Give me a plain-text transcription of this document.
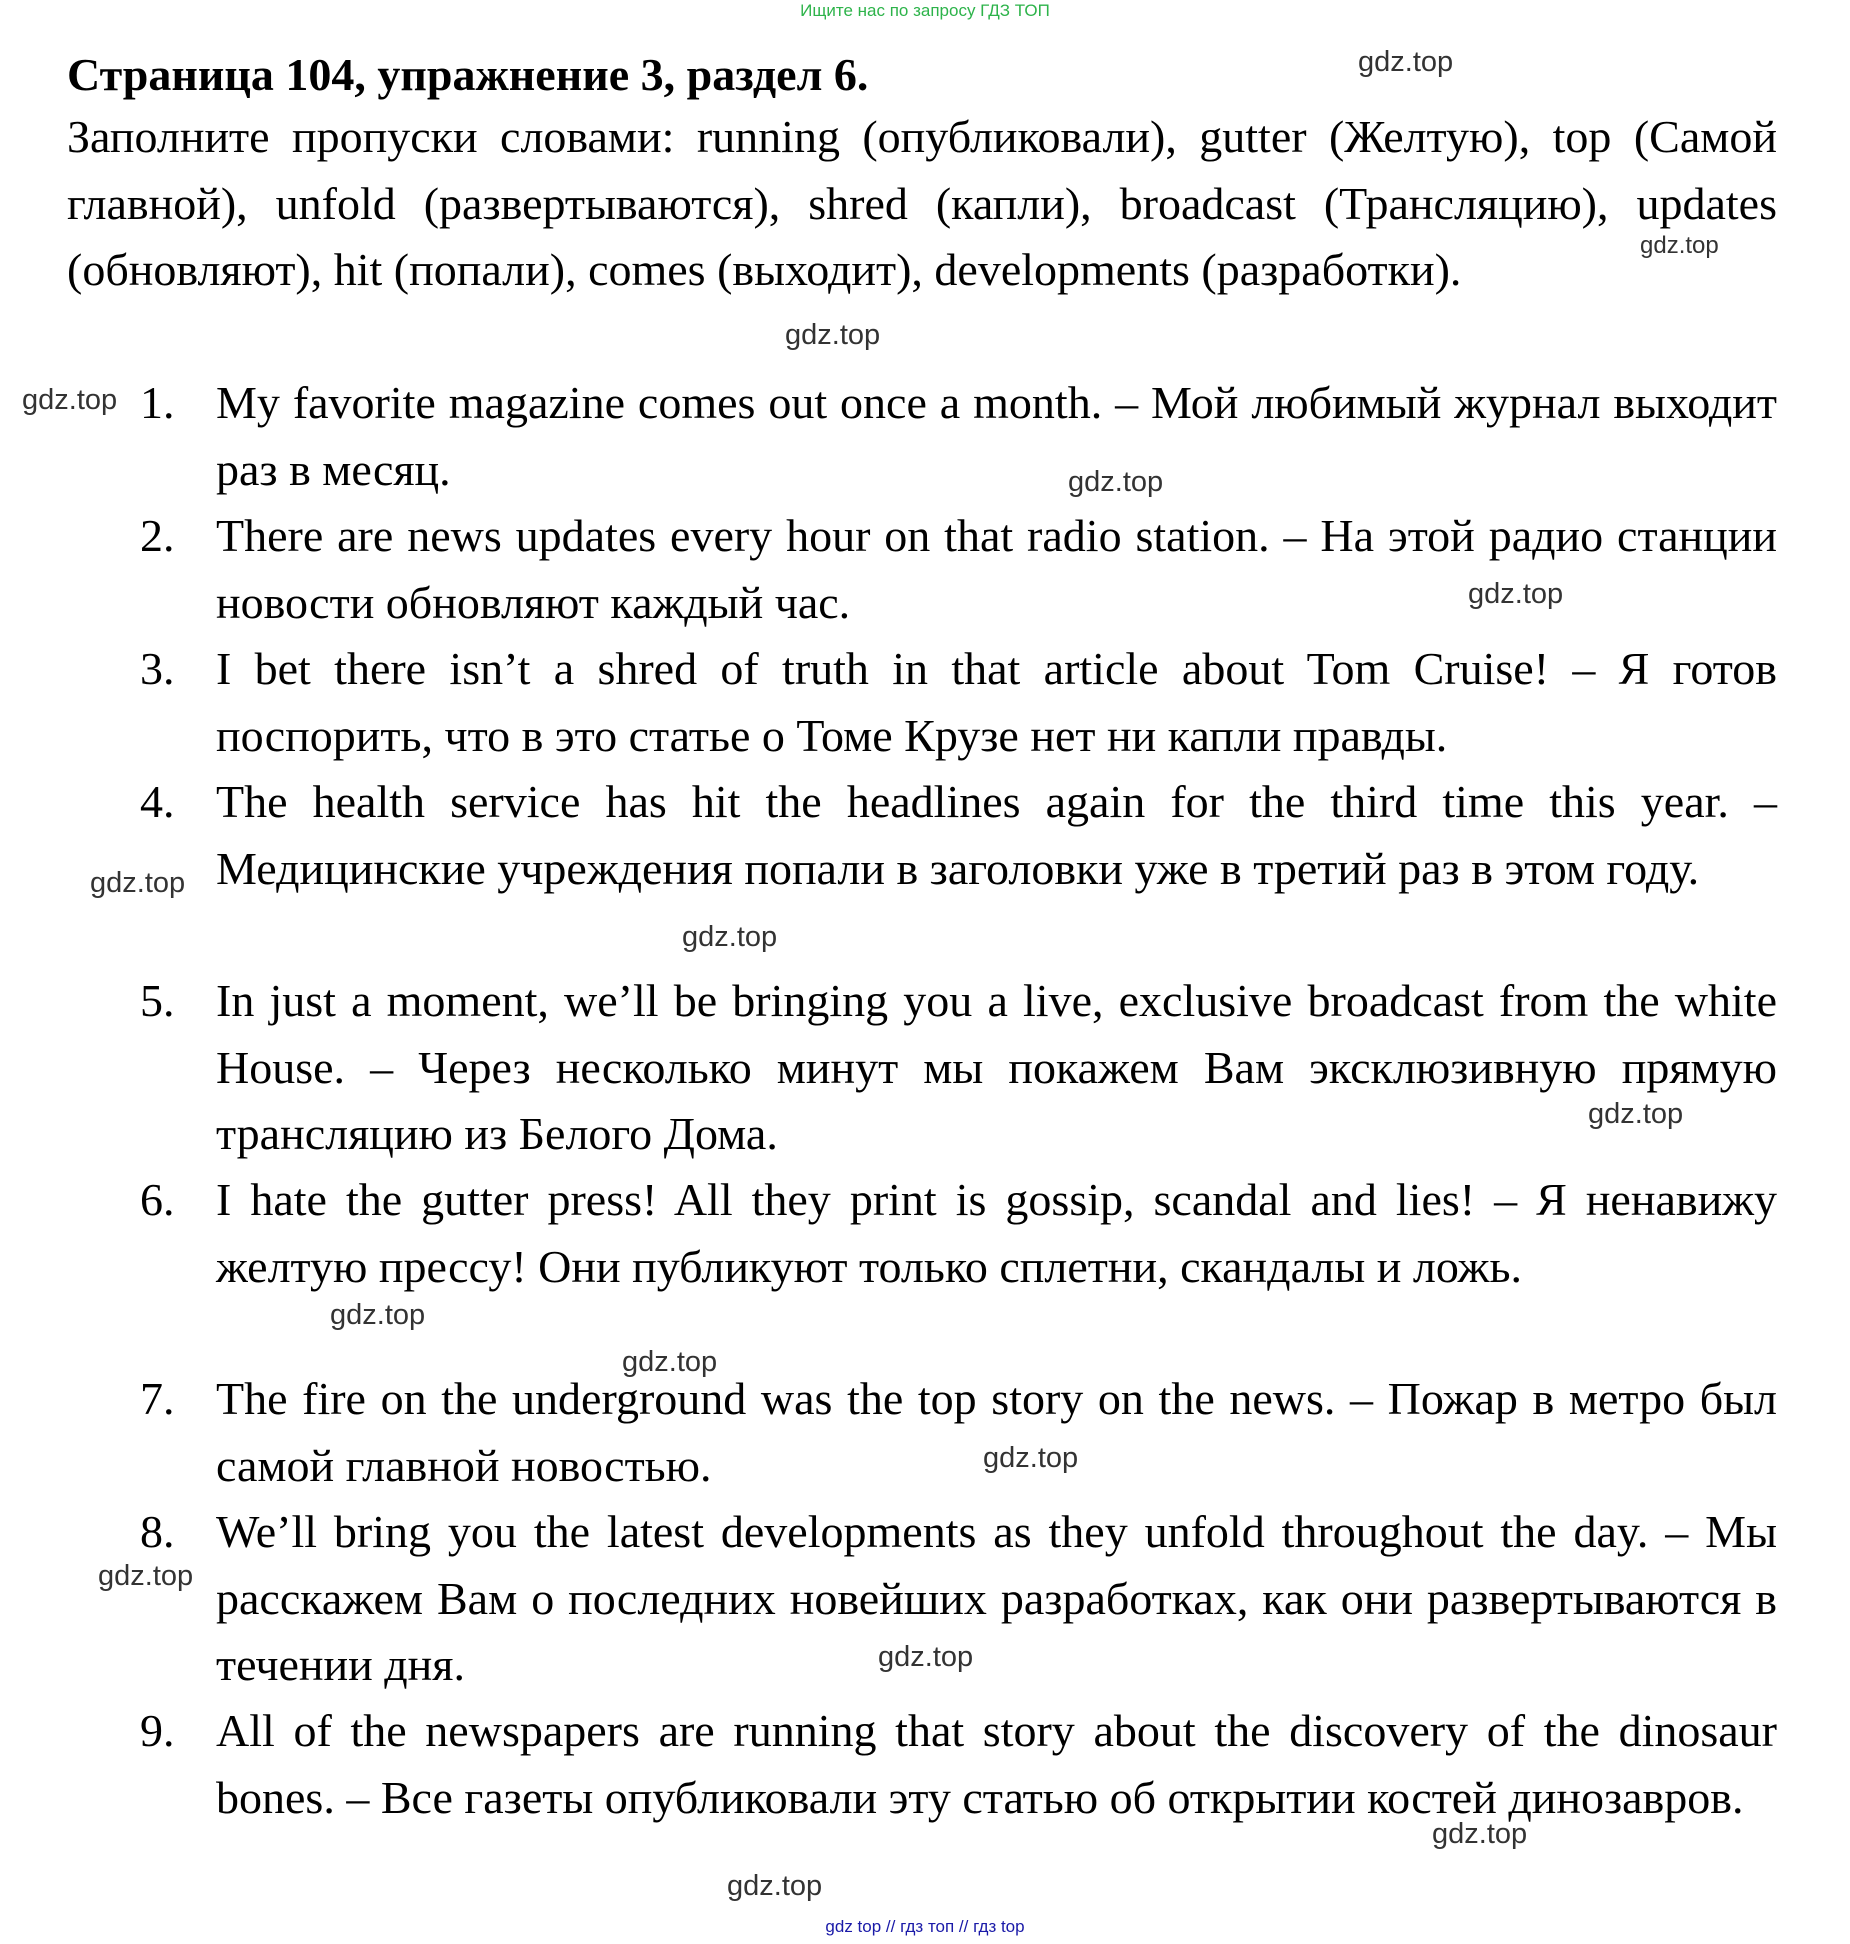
Ищите нас по запросу ГДЗ ТОП
Страница 104, упражнение 3, раздел 6.

Заполните пропуски словами: running (опубликовали), gutter (Желтую), top (Самой главной), unfold (развертываются), shred (капли), broadcast (Трансляцию), updates (обновляют), hit (попали), comes (выходит), developments (разработки).

1. My favorite magazine comes out once a month. – Мой любимый журнал выходит раз в месяц.
2. There are news updates every hour on that radio station. – На этой радио станции новости обновляют каждый час.
3. I bet there isn’t a shred of truth in that article about Tom Cruise! – Я готов поспорить, что в это статье о Томе Крузе нет ни капли правды.
4. The health service has hit the headlines again for the third time this year. – Медицинские учреждения попали в заголовки уже в третий раз в этом году.
5. In just a moment, we’ll be bringing you a live, exclusive broadcast from the white House. – Через несколько минут мы покажем Вам эксклюзивную прямую трансляцию из Белого Дома.
6. I hate the gutter press! All they print is gossip, scandal and lies! – Я ненавижу желтую прессу! Они публикуют только сплетни, скандалы и ложь.
7. The fire on the underground was the top story on the news. – Пожар в метро был самой главной новостью.
8. We’ll bring you the latest developments as they unfold throughout the day. – Мы расскажем Вам о последних новейших разработках, как они развертываются в течении дня.
9. All of the newspapers are running that story about the discovery of the dinosaur bones. – Все газеты опубликовали эту статью об открытии костей динозавров.
gdz.top
gdz.top
gdz.top
gdz.top
gdz.top
gdz.top
gdz.top
gdz.top
gdz.top
gdz.top
gdz.top
gdz.top
gdz.top
gdz.top
gdz.top
gdz.top
gdz top // гдз топ // гдз top
